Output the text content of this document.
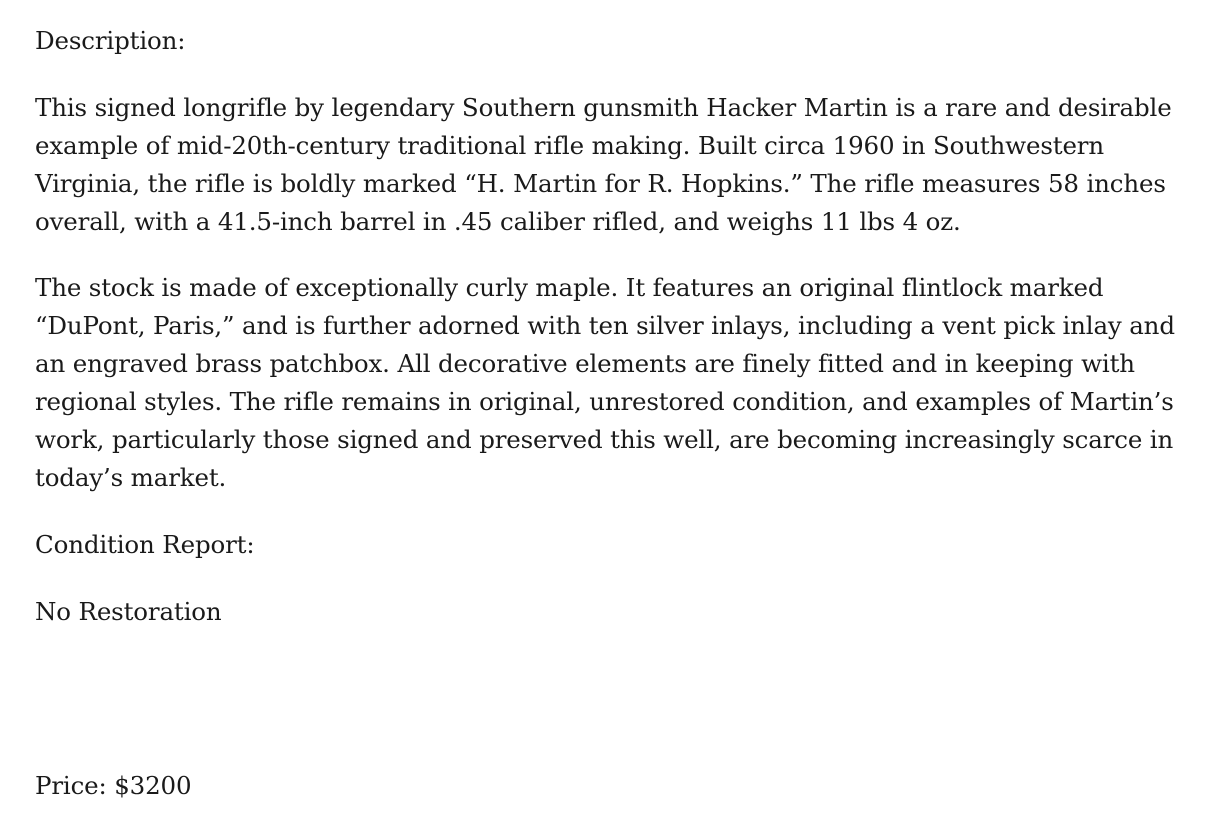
Description:

This signed longrifle by legendary Southern gunsmith Hacker Martin is a rare and desirable example of mid-20th-century traditional rifle making. Built circa 1960 in Southwestern Virginia, the rifle is boldly marked “H. Martin for R. Hopkins.” The rifle measures 58 inches overall, with a 41.5-inch barrel in .45 caliber rifled, and weighs 11 lbs 4 oz.

The stock is made of exceptionally curly maple. It features an original flintlock marked “DuPont, Paris,” and is further adorned with ten silver inlays, including a vent pick inlay and an engraved brass patchbox. All decorative elements are finely fitted and in keeping with regional styles. The rifle remains in original, unrestored condition, and examples of Martin’s work, particularly those signed and preserved this well, are becoming increasingly scarce in today’s market.

Condition Report:

No Restoration

Price: $3200
